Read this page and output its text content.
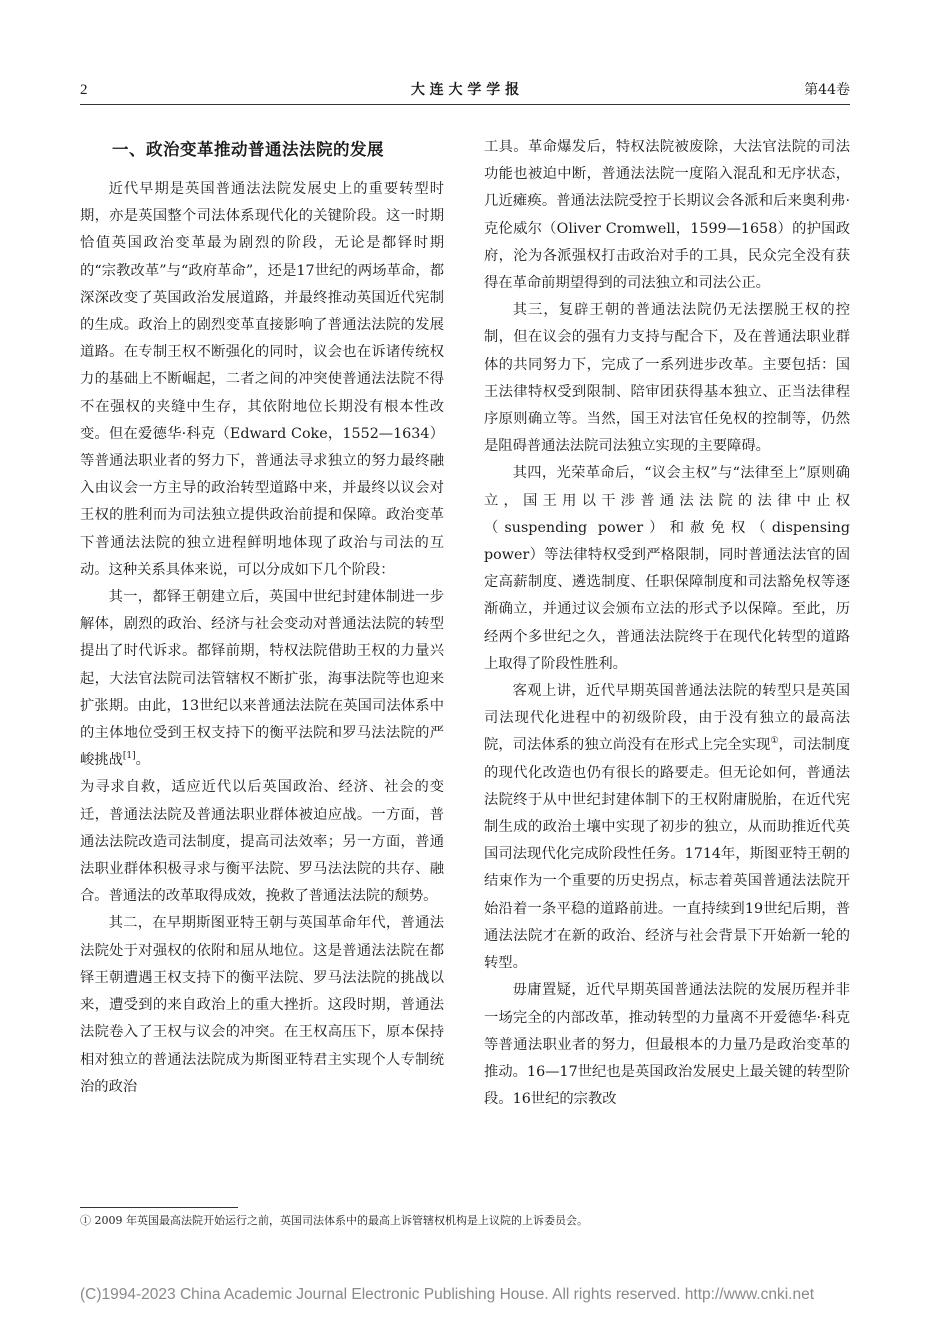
2	大 连 大 学 学 报	第44卷
一、政治变革推动普通法法院的发展

近代早期是英国普通法法院发展史上的重要转型时期，亦是英国整个司法体系现代化的关键阶段。这一时期恰值英国政治变革最为剧烈的阶段，无论是都铎时期的“宗教改革”与“政府革命”，还是17世纪的两场革命，都深深改变了英国政治发展道路，并最终推动英国近代宪制的生成。政治上的剧烈变革直接影响了普通法法院的发展道路。在专制王权不断强化的同时，议会也在诉诸传统权力的基础上不断崛起，二者之间的冲突使普通法法院不得不在强权的夹缝中生存，其依附地位长期没有根本性改变。但在爱德华·科克（Edward Coke，1552—1634）等普通法职业者的努力下，普通法寻求独立的努力最终融入由议会一方主导的政治转型道路中来，并最终以议会对王权的胜利而为司法独立提供政治前提和保障。政治变革下普通法法院的独立进程鲜明地体现了政治与司法的互动。这种关系具体来说，可以分成如下几个阶段：

其一，都铎王朝建立后，英国中世纪封建体制进一步解体，剧烈的政治、经济与社会变动对普通法法院的转型提出了时代诉求。都铎前期，特权法院借助王权的力量兴起，大法官法院司法管辖权不断扩张，海事法院等也迎来扩张期。由此，13世纪以来普通法法院在英国司法体系中的主体地位受到王权支持下的衡平法院和罗马法法院的严峻挑战[1]。

为寻求自救，适应近代以后英国政治、经济、社会的变迁，普通法法院及普通法职业群体被迫应战。一方面，普通法法院改造司法制度，提高司法效率；另一方面，普通法职业群体积极寻求与衡平法院、罗马法法院的共存、融合。普通法的改革取得成效，挽救了普通法法院的颓势。

其二，在早期斯图亚特王朝与英国革命年代，普通法法院处于对强权的依附和屈从地位。这是普通法法院在都铎王朝遭遇王权支持下的衡平法院、罗马法法院的挑战以来，遭受到的来自政治上的重大挫折。这段时期，普通法法院卷入了王权与议会的冲突。在王权高压下，原本保持相对独立的普通法法院成为斯图亚特君主实现个人专制统治的政治

工具。革命爆发后，特权法院被废除，大法官法院的司法功能也被迫中断，普通法法院一度陷入混乱和无序状态，几近瘫痪。普通法法院受控于长期议会各派和后来奥利弗·克伦威尔（Oliver Cromwell，1599—1658）的护国政府，沦为各派强权打击政治对手的工具，民众完全没有获得在革命前期望得到的司法独立和司法公正。

其三，复辟王朝的普通法法院仍无法摆脱王权的控制，但在议会的强有力支持与配合下，及在普通法职业群体的共同努力下，完成了一系列进步改革。主要包括：国王法律特权受到限制、陪审团获得基本独立、正当法律程序原则确立等。当然，国王对法官任免权的控制等，仍然是阻碍普通法法院司法独立实现的主要障碍。

其四，光荣革命后，“议会主权”与“法律至上”原则确立，国王用以干涉普通法法院的法律中止权（suspending power）和赦免权（dispensing power）等法律特权受到严格限制，同时普通法法官的固定高薪制度、遴选制度、任职保障制度和司法豁免权等逐渐确立，并通过议会颁布立法的形式予以保障。至此，历经两个多世纪之久，普通法法院终于在现代化转型的道路上取得了阶段性胜利。

客观上讲，近代早期英国普通法法院的转型只是英国司法现代化进程中的初级阶段，由于没有独立的最高法院，司法体系的独立尚没有在形式上完全实现①，司法制度的现代化改造也仍有很长的路要走。但无论如何，普通法法院终于从中世纪封建体制下的王权附庸脱胎，在近代宪制生成的政治土壤中实现了初步的独立，从而助推近代英国司法现代化完成阶段性任务。1714年，斯图亚特王朝的结束作为一个重要的历史拐点，标志着英国普通法法院开始沿着一条平稳的道路前进。一直持续到19世纪后期，普通法法院才在新的政治、经济与社会背景下开始新一轮的转型。

毋庸置疑，近代早期英国普通法法院的发展历程并非一场完全的内部改革，推动转型的力量离不开爱德华·科克等普通法职业者的努力，但最根本的力量乃是政治变革的推动。16—17世纪也是英国政治发展史上最关键的转型阶段。16世纪的宗教改

① 2009 年英国最高法院开始运行之前，英国司法体系中的最高上诉管辖权机构是上议院的上诉委员会。
(C)1994-2023 China Academic Journal Electronic Publishing House. All rights reserved. http://www.cnki.net
